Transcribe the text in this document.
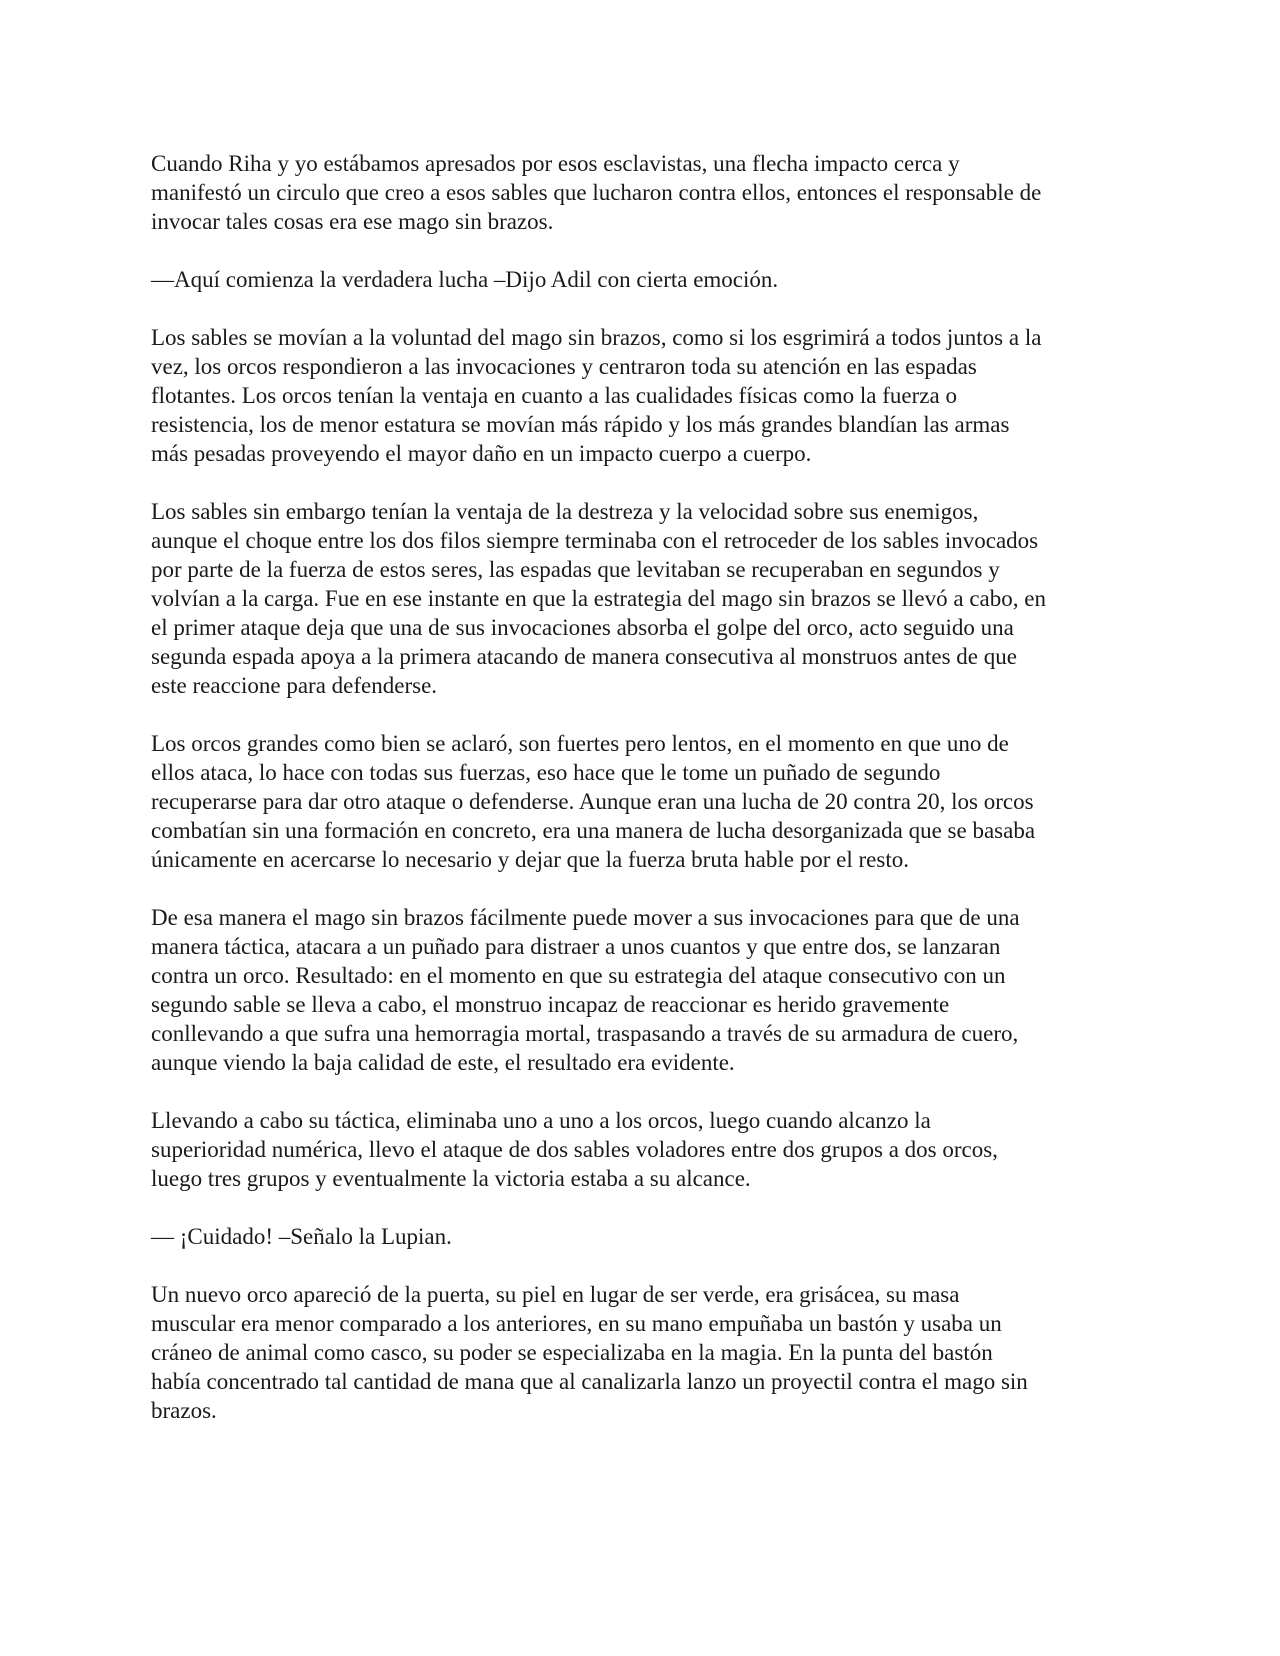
Cuando Riha y yo estábamos apresados por esos esclavistas, una flecha impacto cerca y
manifestó un circulo que creo a esos sables que lucharon contra ellos, entonces el responsable de
invocar tales cosas era ese mago sin brazos.

—Aquí comienza la verdadera lucha –Dijo Adil con cierta emoción.

Los sables se movían a la voluntad del mago sin brazos, como si los esgrimirá a todos juntos a la
vez, los orcos respondieron a las invocaciones y centraron toda su atención en las espadas
flotantes. Los orcos tenían la ventaja en cuanto a las cualidades físicas como la fuerza o
resistencia, los de menor estatura se movían más rápido y los más grandes blandían las armas
más pesadas proveyendo el mayor daño en un impacto cuerpo a cuerpo.

Los sables sin embargo tenían la ventaja de la destreza y la velocidad sobre sus enemigos,
aunque el choque entre los dos filos siempre terminaba con el retroceder de los sables invocados
por parte de la fuerza de estos seres, las espadas que levitaban se recuperaban en segundos y
volvían a la carga. Fue en ese instante en que la estrategia del mago sin brazos se llevó a cabo, en
el primer ataque deja que una de sus invocaciones absorba el golpe del orco, acto seguido una
segunda espada apoya a la primera atacando de manera consecutiva al monstruos antes de que
este reaccione para defenderse.

Los orcos grandes como bien se aclaró, son fuertes pero lentos, en el momento en que uno de
ellos ataca, lo hace con todas sus fuerzas, eso hace que le tome un puñado de segundo
recuperarse para dar otro ataque o defenderse. Aunque eran una lucha de 20 contra 20, los orcos
combatían sin una formación en concreto, era una manera de lucha desorganizada que se basaba
únicamente en acercarse lo necesario y dejar que la fuerza bruta hable por el resto.

De esa manera el mago sin brazos fácilmente puede mover a sus invocaciones para que de una
manera táctica, atacara a un puñado para distraer a unos cuantos y que entre dos, se lanzaran
contra un orco. Resultado: en el momento en que su estrategia del ataque consecutivo con un
segundo sable se lleva a cabo, el monstruo incapaz de reaccionar es herido gravemente
conllevando a que sufra una hemorragia mortal, traspasando a través de su armadura de cuero,
aunque viendo la baja calidad de este, el resultado era evidente.

Llevando a cabo su táctica, eliminaba uno a uno a los orcos, luego cuando alcanzo la
superioridad numérica, llevo el ataque de dos sables voladores entre dos grupos a dos orcos,
luego tres grupos y eventualmente la victoria estaba a su alcance.

— ¡Cuidado! –Señalo la Lupian.

Un nuevo orco apareció de la puerta, su piel en lugar de ser verde, era grisácea, su masa
muscular era menor comparado a los anteriores, en su mano empuñaba un bastón y usaba un
cráneo de animal como casco, su poder se especializaba en la magia. En la punta del bastón
había concentrado tal cantidad de mana que al canalizarla lanzo un proyectil contra el mago sin
brazos.
